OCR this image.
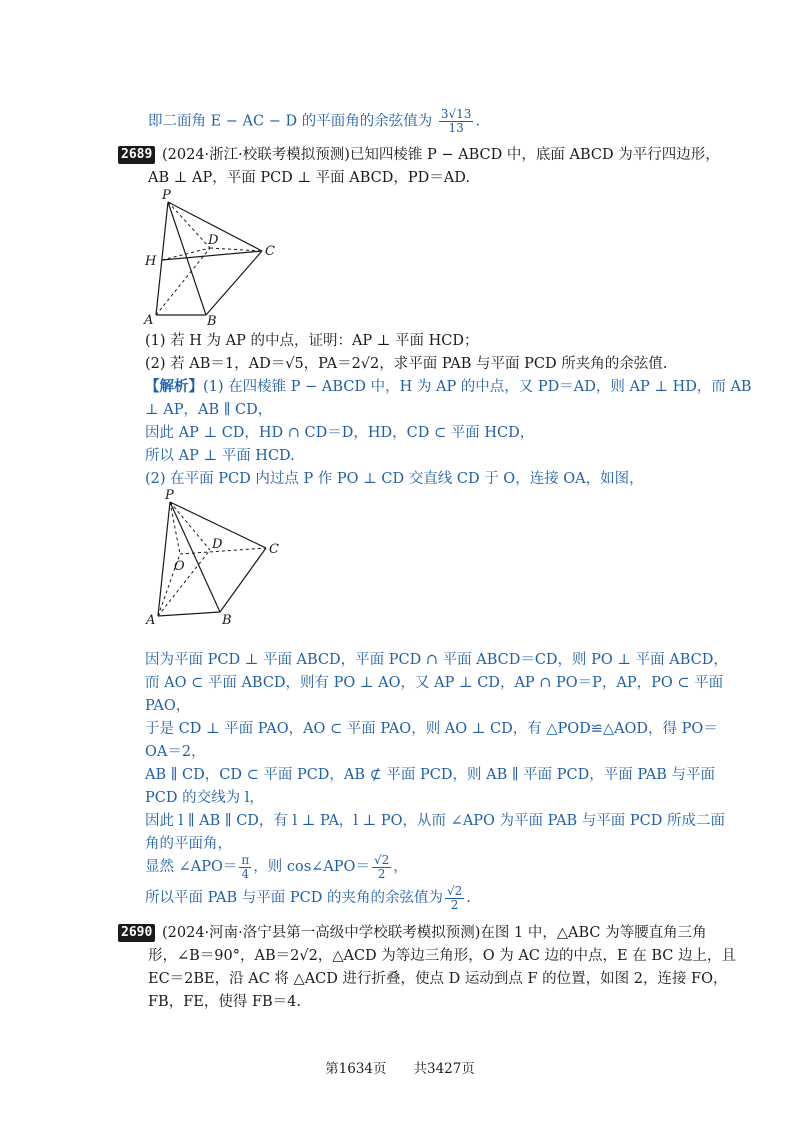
即二面角 E − AC − D 的平面角的余弦值为 $\frac{3√13}{13}$ .
2689 (2024·浙江·校联考模拟预测)已知四棱锥 P − ABCD 中，底面 ABCD 为平行四边形，
AB ⊥ AP，平面 PCD ⊥ 平面 ABCD，PD＝AD.
P
H
D
C
A	B
(1) 若 H 为 AP 的中点，证明：AP ⊥ 平面 HCD；
(2) 若 AB＝1，AD＝√5，PA＝2√2，求平面 PAB 与平面 PCD 所夹角的余弦值.
【解析】(1) 在四棱锥 P − ABCD 中，H 为 AP 的中点，又 PD＝AD，则 AP ⊥ HD，而 AB
⊥ AP，AB ∥ CD，
因此 AP ⊥ CD，HD ∩ CD＝D，HD，CD ⊂ 平面 HCD，
所以 AP ⊥ 平面 HCD.
(2) 在平面 PCD 内过点 P 作 PO ⊥ CD 交直线 CD 于 O，连接 OA，如图，
P
O
D	C
A	B
因为平面 PCD ⊥ 平面 ABCD，平面 PCD ∩ 平面 ABCD＝CD，则 PO ⊥ 平面 ABCD，
而 AO ⊂ 平面 ABCD，则有 PO ⊥ AO，又 AP ⊥ CD，AP ∩ PO＝P，AP，PO ⊂ 平面
PAO，
于是 CD ⊥ 平面 PAO，AO ⊂ 平面 PAO，则 AO ⊥ CD，有 △POD≌△AOD，得 PO＝
OA＝2，
AB ∥ CD，CD ⊂ 平面 PCD，AB ⊄ 平面 PCD，则 AB ∥ 平面 PCD，平面 PAB 与平面
PCD 的交线为 l，
因此 l ∥ AB ∥ CD，有 l ⊥ PA，l ⊥ PO，从而 ∠APO 为平面 PAB 与平面 PCD 所成二面
角的平面角，
显然 ∠APO＝ $\frac{\pi}{4}$ ，则 cos∠APO＝ $\frac{√2}{2}$ ，
所以平面 PAB 与平面 PCD 的夹角的余弦值为 $\frac{√2}{2}$ .
2690 (2024·河南·洛宁县第一高级中学校联考模拟预测)在图 1 中，△ABC 为等腰直角三角
形，∠B＝90°，AB＝2√2，△ACD 为等边三角形，O 为 AC 边的中点，E 在 BC 边上，且
EC＝2BE，沿 AC 将 △ACD 进行折叠，使点 D 运动到点 F 的位置，如图 2，连接 FO，
FB，FE，使得 FB＝4.
第1634页　　共3427页
